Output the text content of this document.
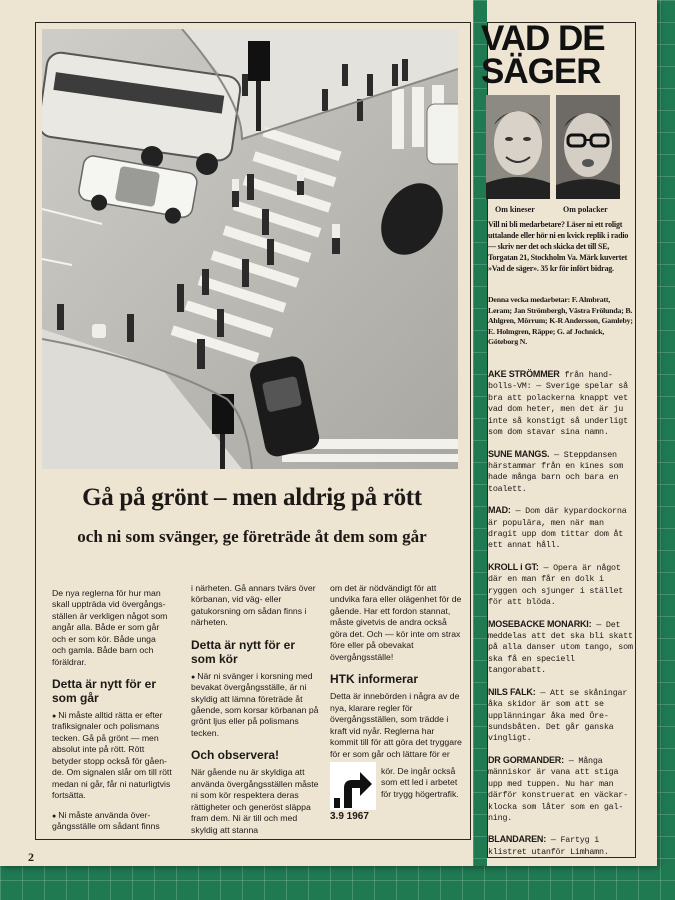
Gå på grönt – men aldrig på rött
och ni som svänger, ge företräde åt dem som går

De nya reglerna för hur man skall uppträda vid övergångsställen är verkligen något som angår alla. Både er som går och er som kör. Både unga och gamla. Både barn och föräldrar.

Detta är nytt för er som går

● Ni måste alltid rätta er efter trafiksignaler och polismans tecken. Gå på grönt — men absolut inte på rött. Rött betyder stopp också för gående. Om signalen slår om till rött medan ni går, får ni naturligtvis fortsätta.

● Ni måste använda övergångsställe om sådant finns

i närheten. Gå annars tvärs över körbanan, vid väg- eller gatukorsning om sådan finns i närheten.

Detta är nytt för er som kör

● När ni svänger i korsning med bevakat övergångsställe, är ni skyldig att lämna företräde åt gående, som korsar körbanan på grönt ljus eller på polismans tecken.

Och observera!

När gående nu är skyldiga att använda övergångsställen måste ni som kör respektera deras rättigheter och generöst släppa fram dem. Ni är till och med skyldig att stanna

om det är nödvändigt för att undvika fara eller olägenhet för de gående. Har ett fordon stannat, måste givetvis de andra också göra det. Och — kör inte om strax före eller på obevakat övergångsställe!

HTK informerar

Detta är innebörden i några av de nya, klarare regler för övergångsställen, som trädde i kraft vid nyår. Reglerna har kommit till för att göra det tryggare för er som går och lättare för er

kör. De ingår också som ett led i arbetet för trygg högertrafik.

3.9 1967
2
VAD DE
SÄGER
Om kineser	Om polacker
Vill ni bli medarbetare? Läser ni ett roligt uttalande eller hör ni en kvick replik i radio — skriv ner det och skicka det till SE, Torgatan 21, Stockholm Va. Märk kuvertet »Vad de säger». 35 kr för infört bidrag.
Denna vecka medarbetar: F. Almbratt, Leram; Jan Strömbergh, Västra Frölunda; B. Ahlgren, Mörrum; K-R Andersson, Gamleby; E. Holmgren, Räppe; G. af Jochnick, Göteborg N.

AKE STRÖMMER från handbolls-VM: — Sverige spelar så bra att polackerna knappt vet vad dom heter, men det är ju inte så konstigt så underligt som dom stavar sina namn.

SUNE MANGS. — Steppdansen härstammar från en kines som hade många barn och bara en toalett.

MAD: — Dom där kypardockorna är populära, men när man dragit upp dom tittar dom åt ett annat håll.

KROLL i GT: — Opera är något där en man får en dolk i ryggen och sjunger i stället för att blöda.

MOSEBACKE MONARKI: — Det meddelas att det ska bli skatt på alla danser utom tango, som ska få en speciell tangorabatt.

NILS FALK: — Att se skåningar åka skidor är som att se upplänningar åka med Öresundsbåten. Det går ganska vingligt.

DR GORMANDER: — Många människor är vana att stiga upp med tuppen. Nu har man därför konstruerat en väckarklocka som låter som en galning.

BLANDAREN: — Fartyg i klistret utanför Limhamn.
